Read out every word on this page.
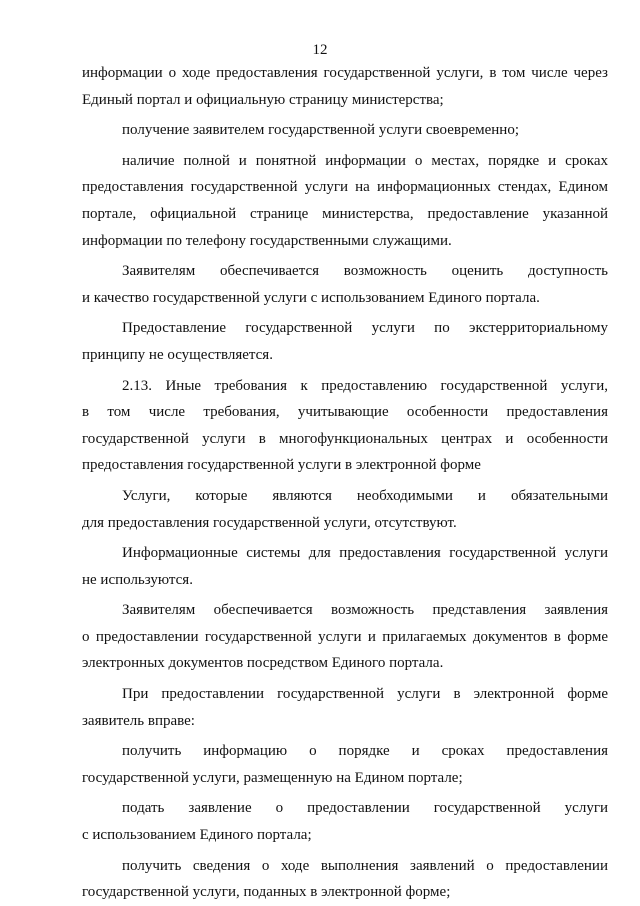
12
информации о ходе предоставления государственной услуги, в том числе через
Единый портал и официальную страницу министерства;
получение заявителем государственной услуги своевременно;
наличие полной и понятной информации о местах, порядке и сроках
предоставления государственной услуги на информационных стендах, Едином
портале, официальной странице министерства, предоставление указанной
информации по телефону государственными служащими.
Заявителям обеспечивается возможность оценить доступность
и качество государственной услуги с использованием Единого портала.
Предоставление государственной услуги по экстерриториальному
принципу не осуществляется.
2.13. Иные требования к предоставлению государственной услуги,
в том числе требования, учитывающие особенности предоставления
государственной услуги в многофункциональных центрах и особенности
предоставления государственной услуги в электронной форме
Услуги, которые являются необходимыми и обязательными
для предоставления государственной услуги, отсутствуют.
Информационные системы для предоставления государственной услуги
не используются.
Заявителям обеспечивается возможность представления заявления
о предоставлении государственной услуги и прилагаемых документов в форме
электронных документов посредством Единого портала.
При предоставлении государственной услуги в электронной форме
заявитель вправе:
получить информацию о порядке и сроках предоставления
государственной услуги, размещенную на Едином портале;
подать заявление о предоставлении государственной услуги
с использованием Единого портала;
получить сведения о ходе выполнения заявлений о предоставлении
государственной услуги, поданных в электронной форме;
